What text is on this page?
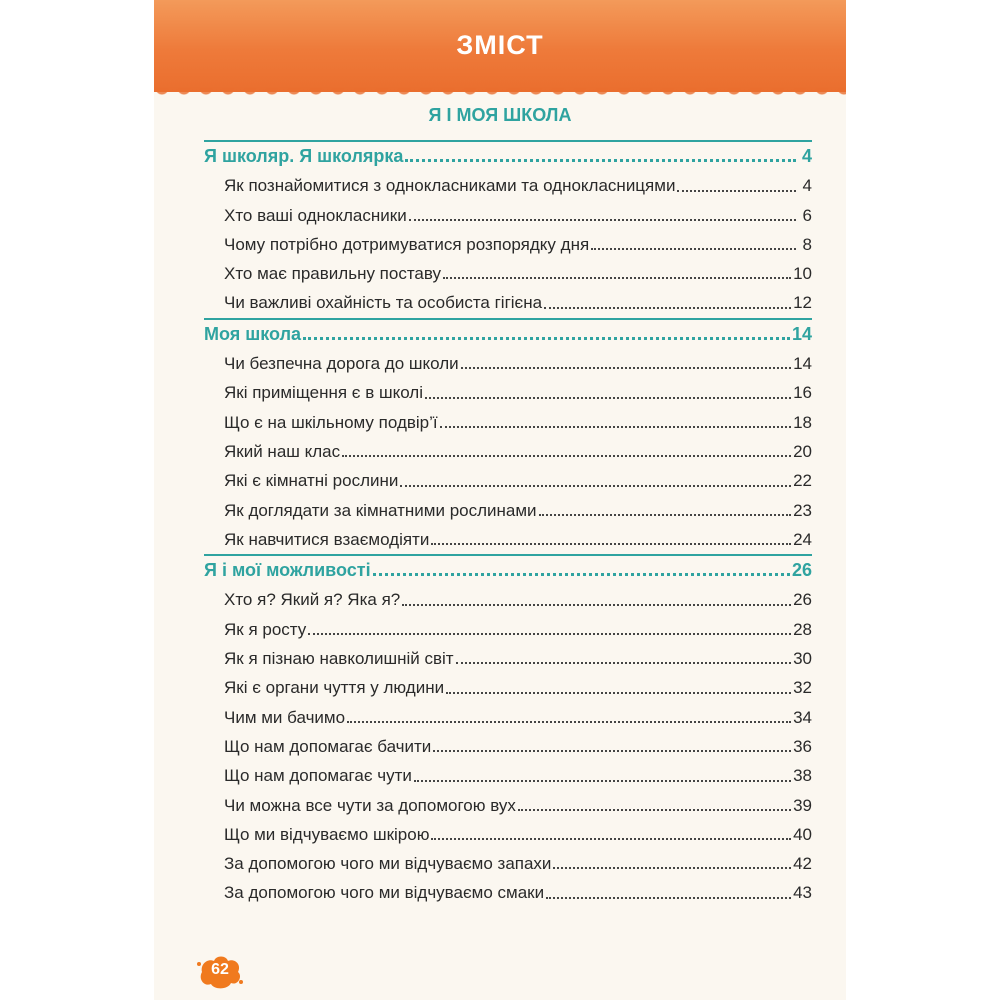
ЗМІСТ
Я І МОЯ ШКОЛА
Я школяр. Я школярка	4
Як познайомитися з однокласниками та однокласницями	4
Хто ваші однокласники	6
Чому потрібно дотримуватися розпорядку дня	8
Хто має правильну поставу	10
Чи важливі охайність та особиста гігієна	12
Моя школа	14
Чи безпечна дорога до школи	14
Які приміщення є в школі	16
Що є на шкільному подвір’ї	18
Який наш клас	20
Які є кімнатні рослини	22
Як доглядати за кімнатними рослинами	23
Як навчитися взаємодіяти	24
Я і мої можливості	26
Хто я? Який я? Яка я?	26
Як я росту	28
Як я пізнаю навколишній світ	30
Які є органи чуття у людини	32
Чим ми бачимо	34
Що нам допомагає бачити	36
Що нам допомагає чути	38
Чи можна все чути за допомогою вух	39
Що ми відчуваємо шкірою	40
За допомогою чого ми відчуваємо запахи	42
За допомогою чого ми відчуваємо смаки	43
62
